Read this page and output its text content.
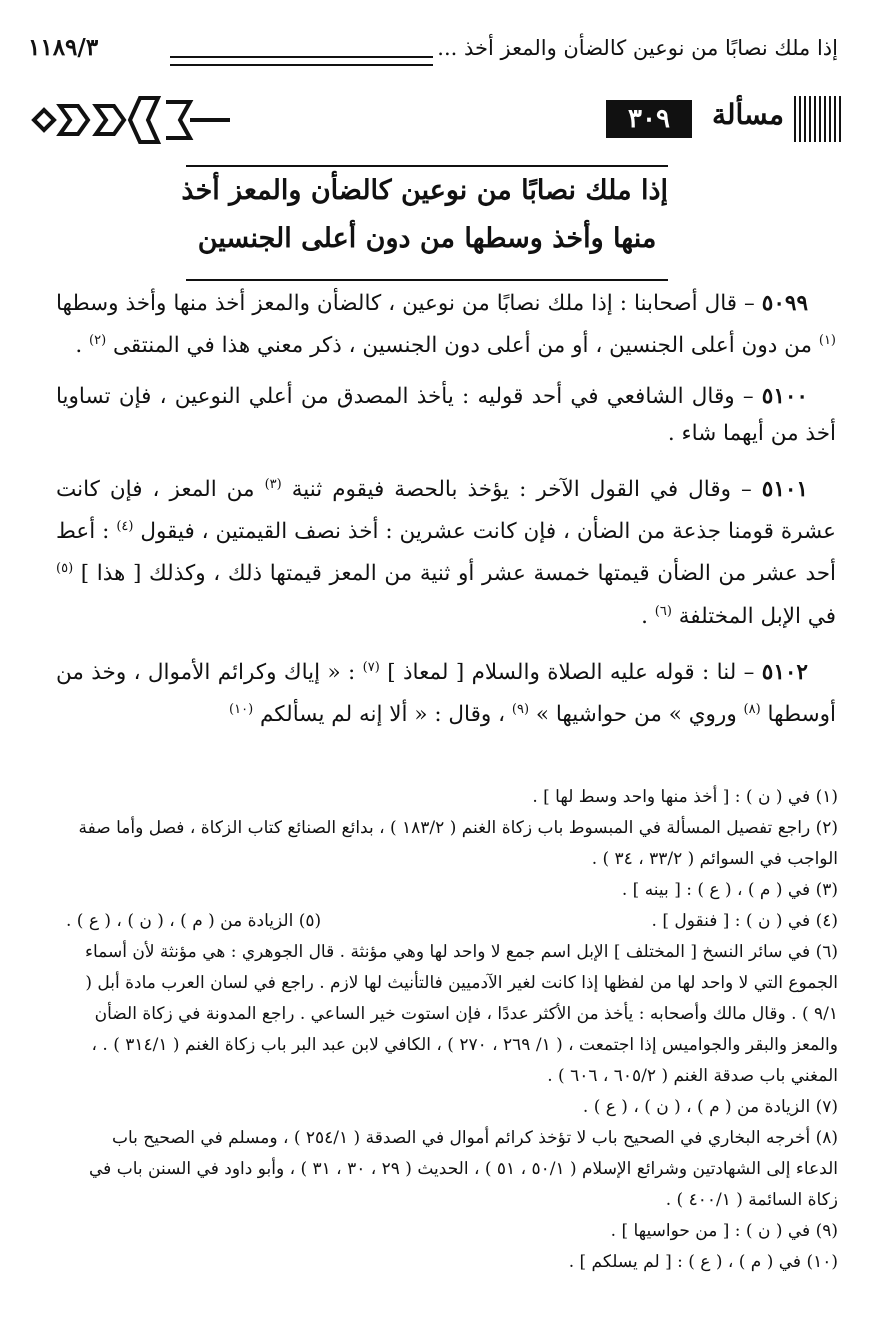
إذا ملك نصابًا من نوعين كالضأن والمعز أخذ ...
١١٨٩/٣
مسألة
٣٠٩
إذا ملك نصابًا من نوعين كالضأن والمعز أخذ
منها وأخذ وسطها من دون أعلى الجنسين

٥٠٩٩ – قال أصحابنا : إذا ملك نصابًا من نوعين ، كالضأن والمعز أخذ منها وأخذ وسطها $^{(١)}$ من دون أعلى الجنسين ، أو من أعلى دون الجنسين ، ذكر معني هذا في المنتقى $^{(٢)}$ .

٥١٠٠ – وقال الشافعي في أحد قوليه : يأخذ المصدق من أعلي النوعين ، فإن تساويا أخذ من أيهما شاء .

٥١٠١ – وقال في القول الآخر : يؤخذ بالحصة فيقوم ثنية $^{(٣)}$ من المعز ، فإن كانت عشرة قومنا جذعة من الضأن ، فإن كانت عشرين : أخذ نصف القيمتين ، فيقول $^{(٤)}$ : أعط أحد عشر من الضأن قيمتها خمسة عشر أو ثنية من المعز قيمتها ذلك ، وكذلك [ هذا ] $^{(٥)}$ في الإبل المختلفة $^{(٦)}$ .

٥١٠٢ – لنا : قوله عليه الصلاة والسلام [ لمعاذ ] $^{(٧)}$ : « إياك وكرائم الأموال ، وخذ من أوسطها $^{(٨)}$ وروي » من حواشيها » $^{(٩)}$ ، وقال : « ألا إنه لم يسألكم $^{(١٠)}$

(١) في ( ن ) : [ أخذ منها واحد وسط لها ] .

(٢) راجع تفصيل المسألة في المبسوط باب زكاة الغنم ( ١٨٣/٢ ) ، بدائع الصنائع كتاب الزكاة ، فصل وأما صفة الواجب في السوائم ( ٣٣/٢ ، ٣٤ ) .

(٣) في ( م ) ، ( ع ) : [ بينه ] .

(٤) في ( ن ) : [ فنقول ] .
(٥) الزيادة من ( م ) ، ( ن ) ، ( ع ) .

(٦) في سائر النسخ [ المختلف ] الإبل اسم جمع لا واحد لها وهي مؤنثة . قال الجوهري : هي مؤنثة لأن أسماء الجموع التي لا واحد لها من لفظها إذا كانت لغير الآدميين فالتأنيث لها لازم . راجع في لسان العرب مادة أبل ( ٩/١ ) . وقال مالك وأصحابه : يأخذ من الأكثر عددًا ، فإن استوت خير الساعي . راجع المدونة في زكاة الضأن والمعز والبقر والجواميس إذا اجتمعت ، ( ١/ ٢٦٩ ، ٢٧٠ ) ، الكافي لابن عبد البر باب زكاة الغنم ( ٣١٤/١ ) . ، المغني باب صدقة الغنم ( ٦٠٥/٢ ، ٦٠٦ ) .

(٧) الزيادة من ( م ) ، ( ن ) ، ( ع ) .

(٨) أخرجه البخاري في الصحيح باب لا تؤخذ كرائم أموال في الصدقة ( ٢٥٤/١ ) ، ومسلم في الصحيح باب الدعاء إلى الشهادتين وشرائع الإسلام ( ٥٠/١ ، ٥١ ) ، الحديث ( ٢٩ ، ٣٠ ، ٣١ ) ، وأبو داود في السنن باب في زكاة السائمة ( ٤٠٠/١ ) .

(٩) في ( ن ) : [ من حواسيها ] .

(١٠) في ( م ) ، ( ع ) : [ لم يسلكم ] .
